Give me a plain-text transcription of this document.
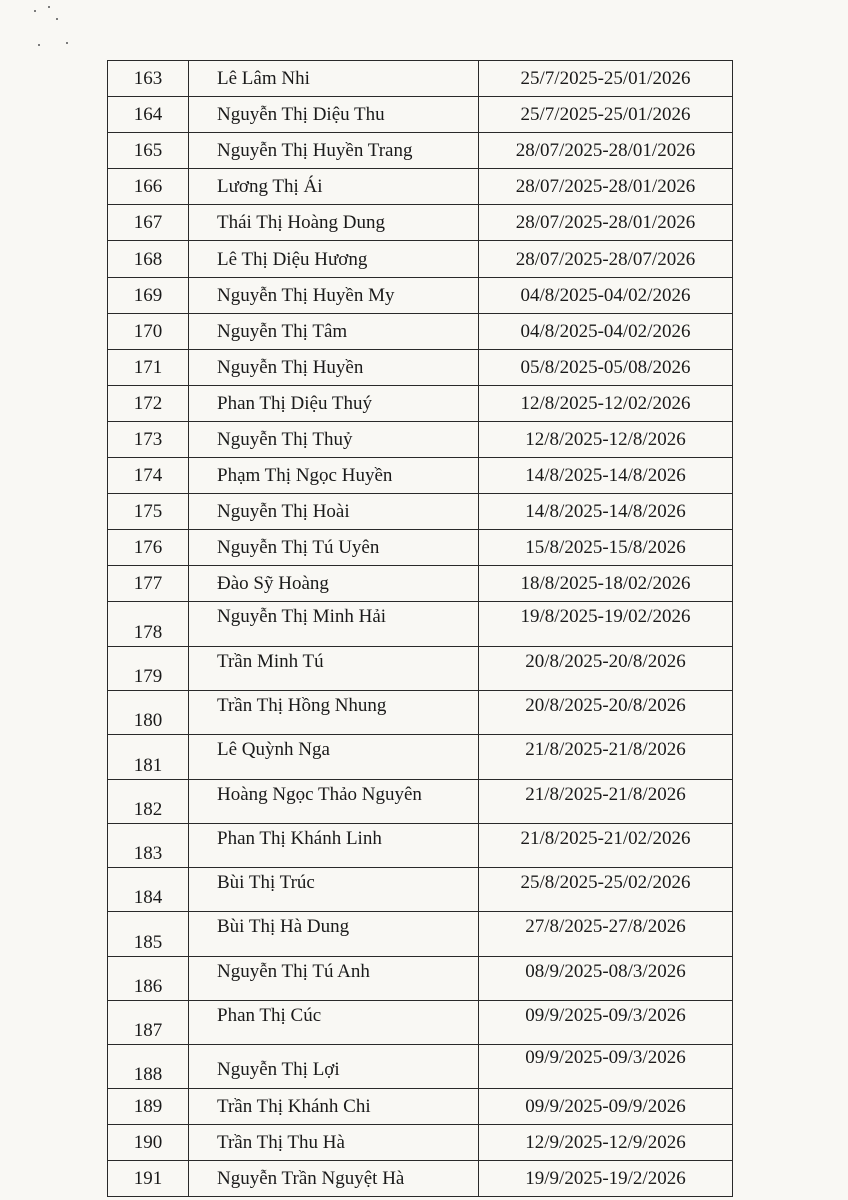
163	Lê Lâm Nhi	25/7/2025-25/01/2026
164	Nguyễn Thị Diệu Thu	25/7/2025-25/01/2026
165	Nguyễn Thị Huyền Trang	28/07/2025-28/01/2026
166	Lương Thị Ái	28/07/2025-28/01/2026
167	Thái Thị Hoàng Dung	28/07/2025-28/01/2026
168	Lê Thị Diệu Hương	28/07/2025-28/07/2026
169	Nguyễn Thị Huyền My	04/8/2025-04/02/2026
170	Nguyễn Thị Tâm	04/8/2025-04/02/2026
171	Nguyễn Thị Huyền	05/8/2025-05/08/2026
172	Phan Thị Diệu Thuý	12/8/2025-12/02/2026
173	Nguyễn Thị Thuỷ	12/8/2025-12/8/2026
174	Phạm Thị Ngọc Huyền	14/8/2025-14/8/2026
175	Nguyễn Thị Hoài	14/8/2025-14/8/2026
176	Nguyễn Thị Tú Uyên	15/8/2025-15/8/2026
177	Đào Sỹ Hoàng	18/8/2025-18/02/2026
178	Nguyễn Thị Minh Hải	19/8/2025-19/02/2026
179	Trần Minh Tú	20/8/2025-20/8/2026
180	Trần Thị Hồng Nhung	20/8/2025-20/8/2026
181	Lê Quỳnh Nga	21/8/2025-21/8/2026
182	Hoàng Ngọc Thảo Nguyên	21/8/2025-21/8/2026
183	Phan Thị Khánh Linh	21/8/2025-21/02/2026
184	Bùi Thị Trúc	25/8/2025-25/02/2026
185	Bùi Thị Hà Dung	27/8/2025-27/8/2026
186	Nguyễn Thị Tú Anh	08/9/2025-08/3/2026
187	Phan Thị Cúc	09/9/2025-09/3/2026
188	Nguyễn Thị Lợi	09/9/2025-09/3/2026
189	Trần Thị Khánh Chi	09/9/2025-09/9/2026
190	Trần Thị Thu Hà	12/9/2025-12/9/2026
191	Nguyễn Trần Nguyệt Hà	19/9/2025-19/2/2026
